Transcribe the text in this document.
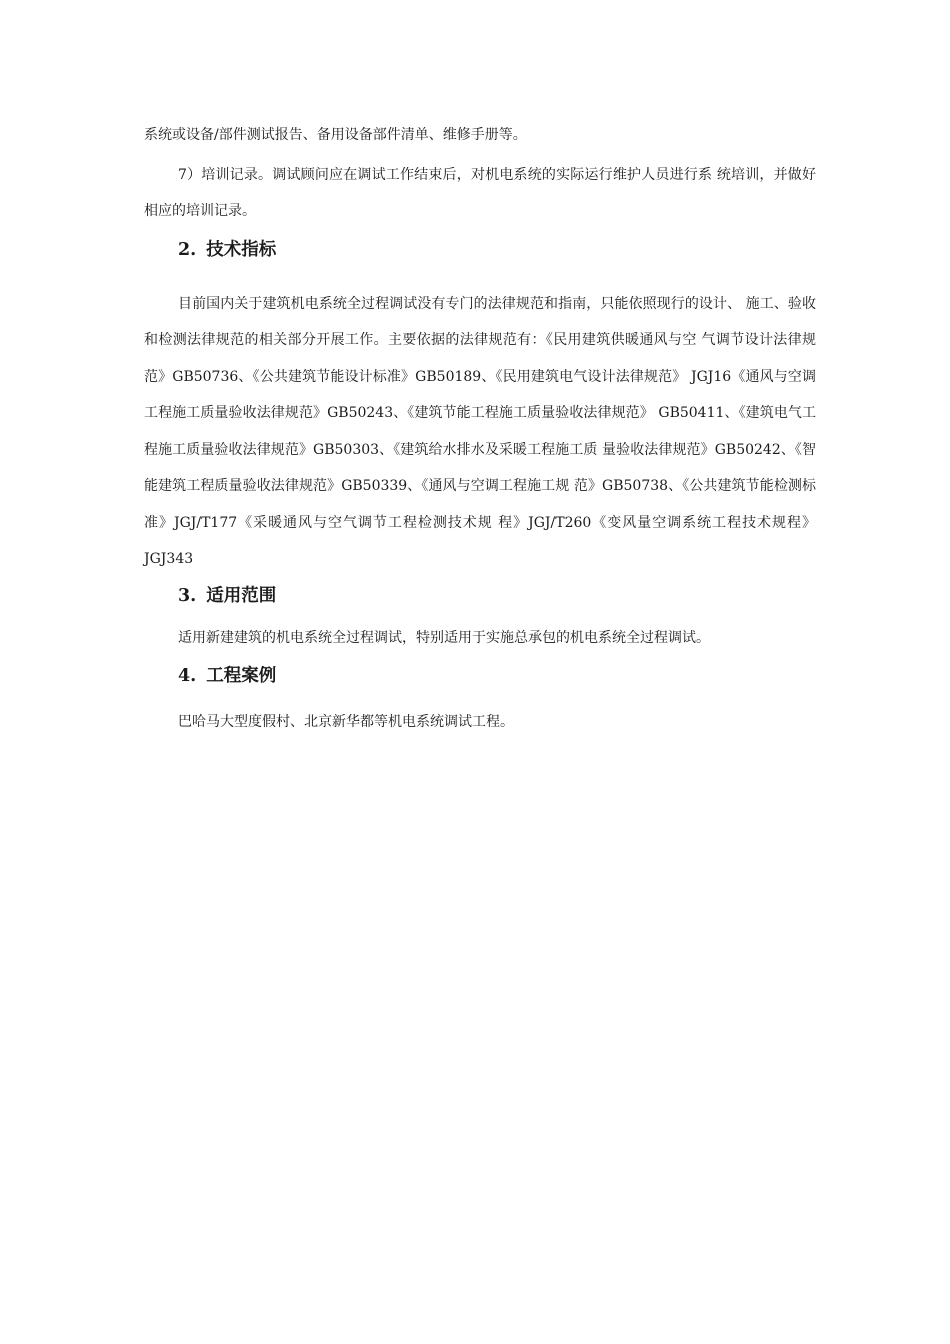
系统或设备/部件测试报告、备用设备部件清单、维修手册等。

7）培训记录。调试顾问应在调试工作结束后，对机电系统的实际运行维护人员进行系 统培训，并做好相应的培训记录。

2. 技术指标

目前国内关于建筑机电系统全过程调试没有专门的法律规范和指南，只能依照现行的设计、 施工、验收和检测法律规范的相关部分开展工作。主要依据的法律规范有：《民用建筑供暖通风与空 气调节设计法律规范》GB50736、《公共建筑节能设计标准》GB50189、《民用建筑电气设计法律规范》 JGJ16《通风与空调工程施工质量验收法律规范》GB50243、《建筑节能工程施工质量验收法律规范》 GB50411、《建筑电气工程施工质量验收法律规范》GB50303、《建筑给水排水及采暖工程施工质 量验收法律规范》GB50242、《智能建筑工程质量验收法律规范》GB50339、《通风与空调工程施工规 范》GB50738、《公共建筑节能检测标准》JGJ/T177《采暖通风与空气调节工程检测技术规 程》JGJ/T260《变风量空调系统工程技术规程》JGJ343

3. 适用范围

适用新建建筑的机电系统全过程调试，特别适用于实施总承包的机电系统全过程调试。

4. 工程案例

巴哈马大型度假村、北京新华都等机电系统调试工程。
